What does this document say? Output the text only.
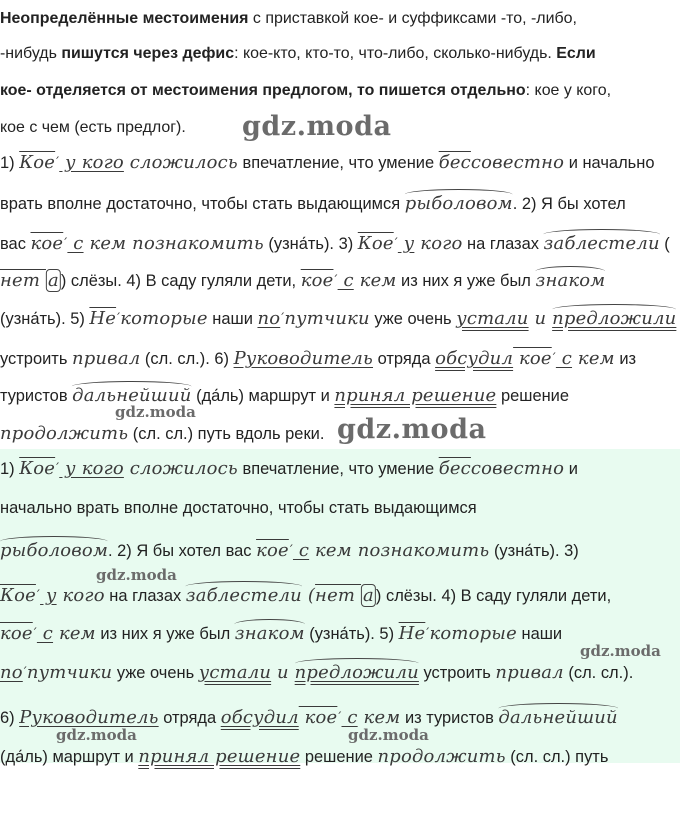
Неопределённые местоимения с приставкой кое- и суффиксами -то, -либо,
-нибудь пишутся через дефис: кое-кто, кто-то, что-либо, сколько-нибудь. Если
кое- отделяется от местоимения предлогом, то пишется отдельно: кое у кого,
кое с чем (есть предлог).
1) Кое′ у кого сложилось впечатление, что умение бессовестно и начально
врать вполне достаточно, чтобы стать выдающимся рыболовом. 2) Я бы хотел
вас кое′ с кем познакомить (узна́ть). 3) Кое′ у кого на глазах заблестели (
нет а ) слёзы. 4) В саду гуляли дети, кое′ с кем из них я уже был знаком
(узна́ть). 5) Не′которые наши по′путчики уже очень устали и предложили
устроить привал (сл. сл.). 6) Руководитель отряда обсудил кое′ с кем из
туристов дальнейший (да́ль) маршрут и принял решение решение
продолжить (сл. сл.) путь вдоль реки.
1) Кое′ у кого сложилось впечатление, что умение бессовестно и
начально врать вполне достаточно, чтобы стать выдающимся
рыболовом. 2) Я бы хотел вас кое′ с кем познакомить (узна́ть). 3)
Кое′ у кого на глазах заблестели (нет а ) слёзы. 4) В саду гуляли дети,
кое′ с кем из них я уже был знаком (узна́ть). 5) Не′которые наши
по′путчики уже очень устали и предложили устроить привал (сл. сл.).
6) Руководитель отряда обсудил кое′ с кем из туристов дальнейший
(да́ль) маршрут и принял решение решение продолжить (сл. сл.) путь
gdz.moda
gdz.moda
gdz.moda
gdz.moda
gdz.moda
gdz.moda	gdz.moda
